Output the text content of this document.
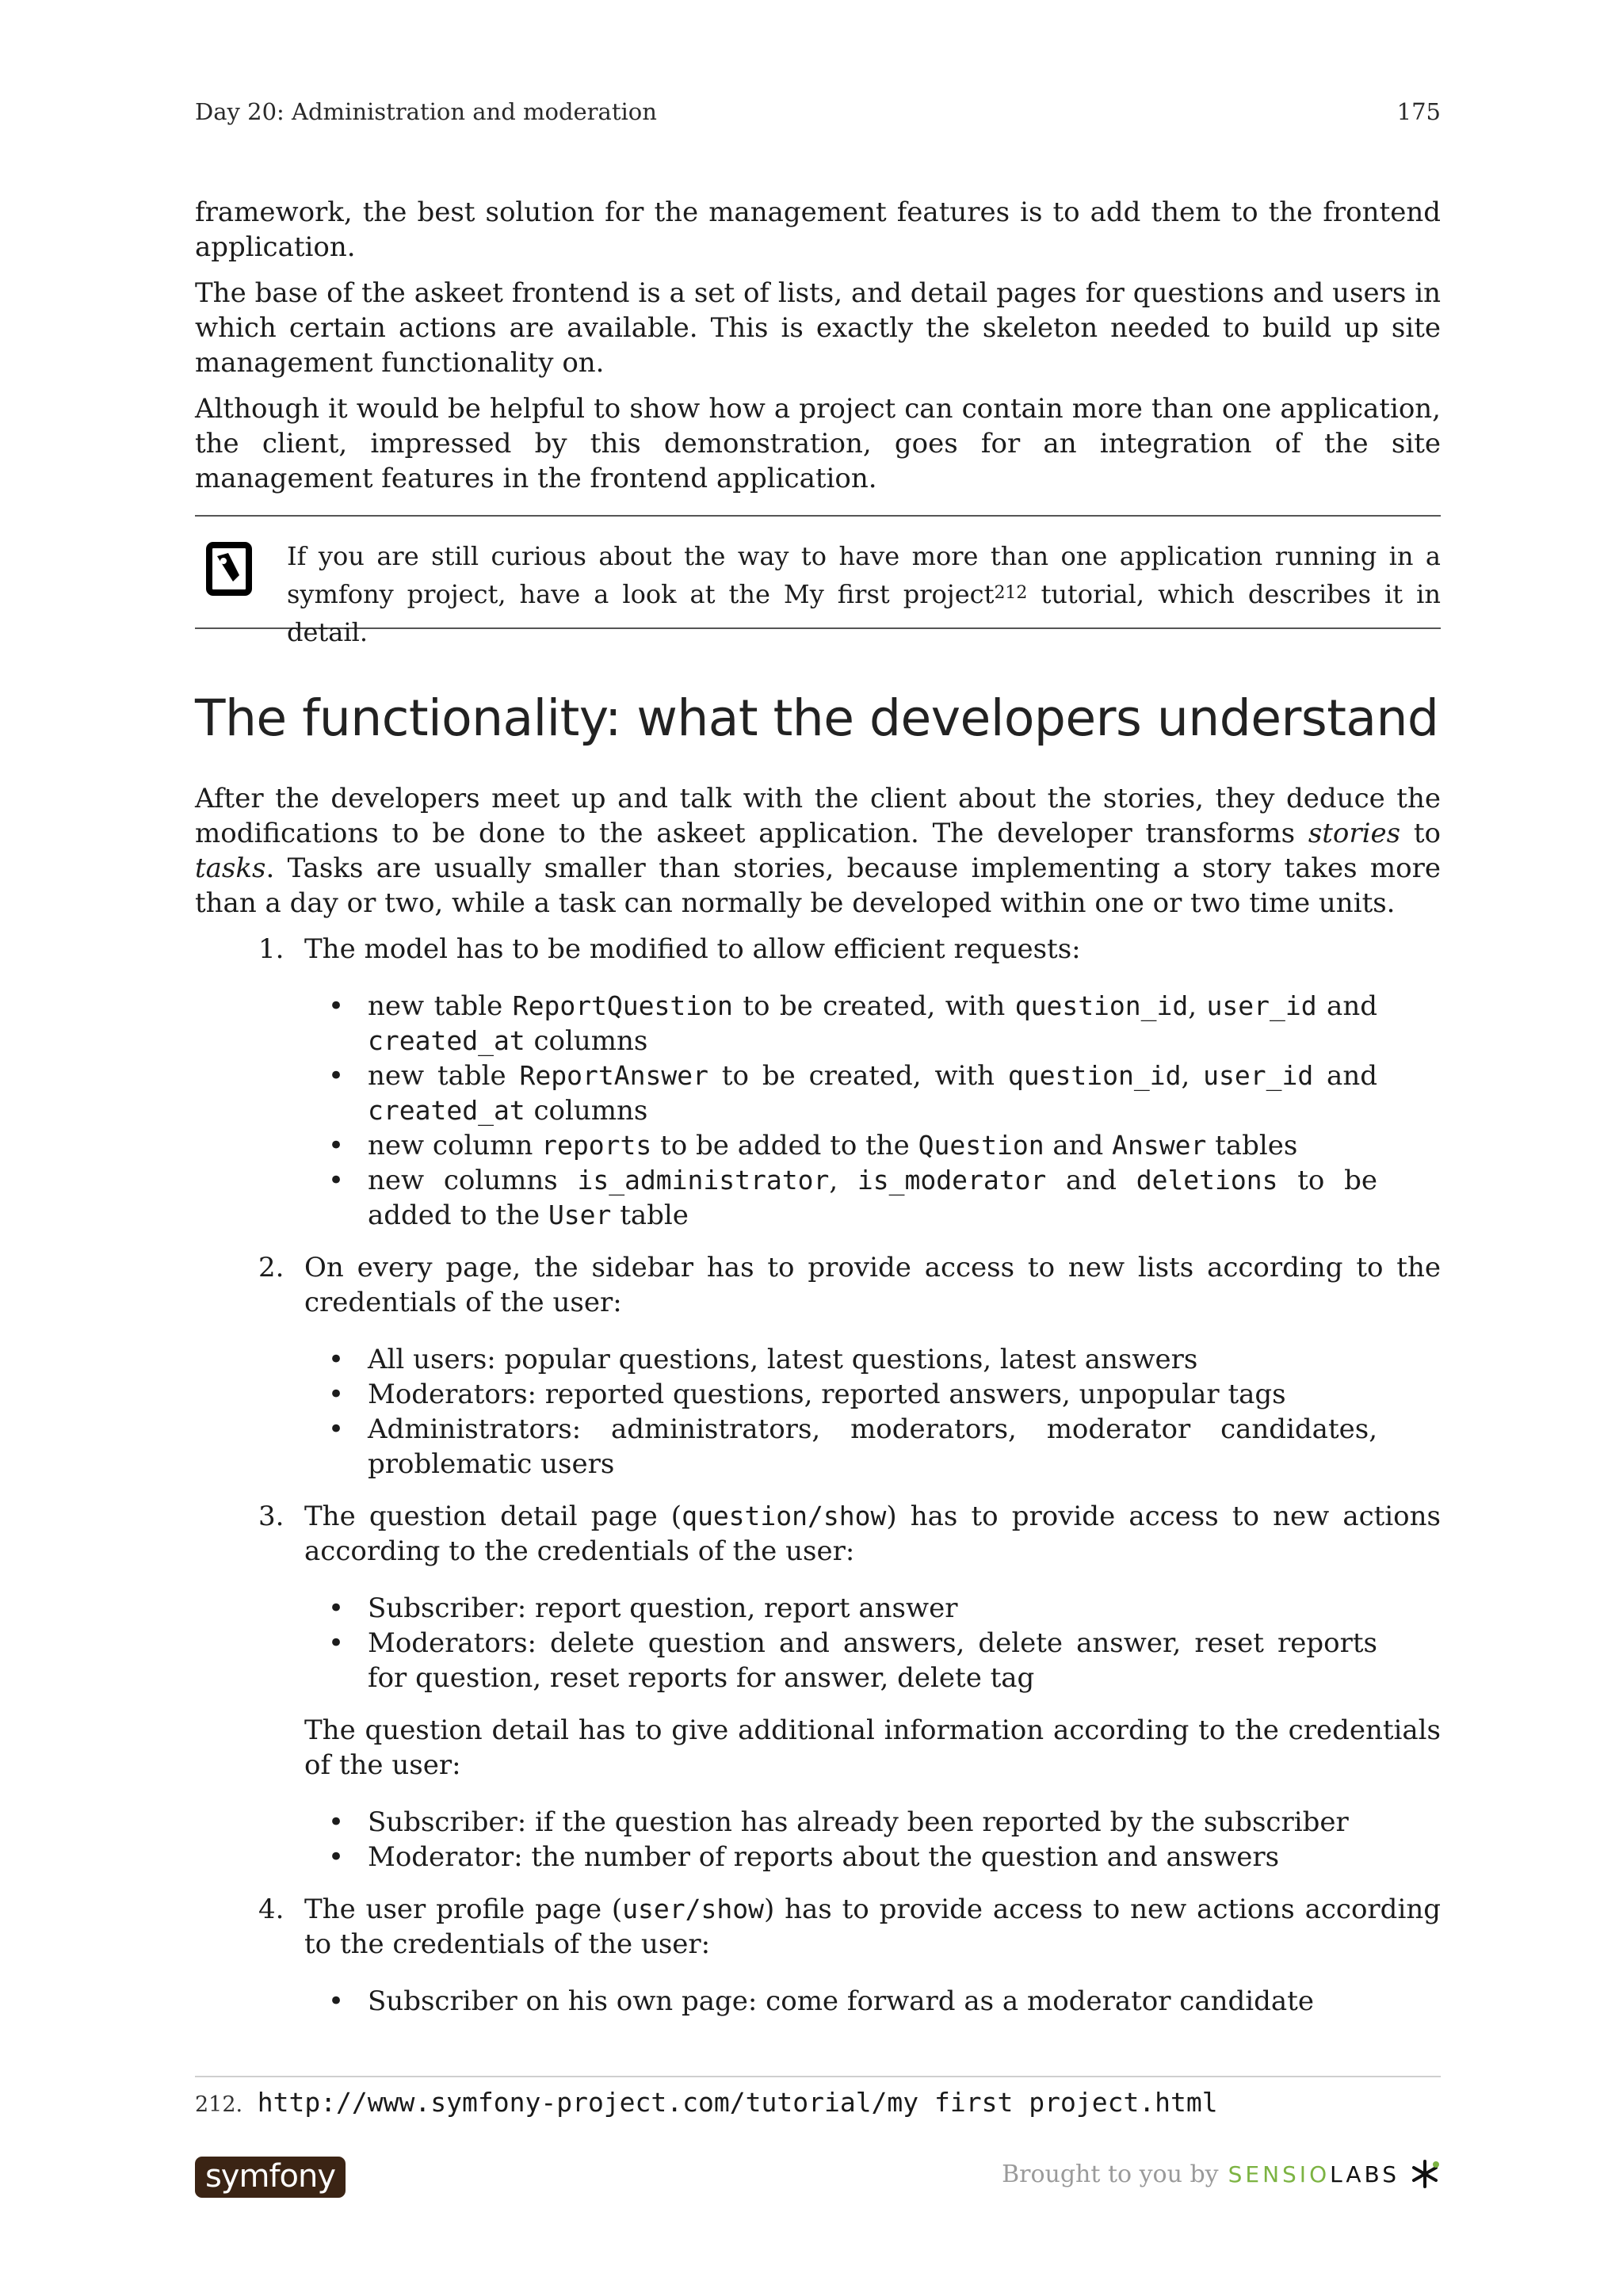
Day 20: Administration and moderation	175

framework, the best solution for the management features is to add them to the frontend application.

The base of the askeet frontend is a set of lists, and detail pages for questions and users in which certain actions are available. This is exactly the skeleton needed to build up site management functionality on.

Although it would be helpful to show how a project can contain more than one application, the client, impressed by this demonstration, goes for an integration of the site management features in the frontend application.

If you are still curious about the way to have more than one application running in a symfony project, have a look at the My first project$^{212}$ tutorial, which describes it in detail.
The functionality: what the developers understand

After the developers meet up and talk with the client about the stories, they deduce the modifications to be done to the askeet application. The developer transforms stories to tasks. Tasks are usually smaller than stories, because implementing a story takes more than a day or two, while a task can normally be developed within one or two time units.

1. The model has to be modified to allow efficient requests:
• new table ReportQuestion to be created, with question_id, user_id and created_at columns
• new table ReportAnswer to be created, with question_id, user_id and created_at columns
• new column reports to be added to the Question and Answer tables
• new columns is_administrator, is_moderator and deletions to be added to the User table
2. On every page, the sidebar has to provide access to new lists according to the credentials of the user:
• All users: popular questions, latest questions, latest answers
• Moderators: reported questions, reported answers, unpopular tags
• Administrators: administrators, moderators, moderator candidates, problematic users
3. The question detail page (question/show) has to provide access to new actions according to the credentials of the user:
• Subscriber: report question, report answer
• Moderators: delete question and answers, delete answer, reset reports for question, reset reports for answer, delete tag
The question detail has to give additional information according to the credentials of the user:
• Subscriber: if the question has already been reported by the subscriber
• Moderator: the number of reports about the question and answers
4. The user profile page (user/show) has to provide access to new actions according to the credentials of the user:
• Subscriber on his own page: come forward as a moderator candidate
212. http://www.symfony-project.com/tutorial/my first project.html
symfony	Brought to you by SENSIOLABS
